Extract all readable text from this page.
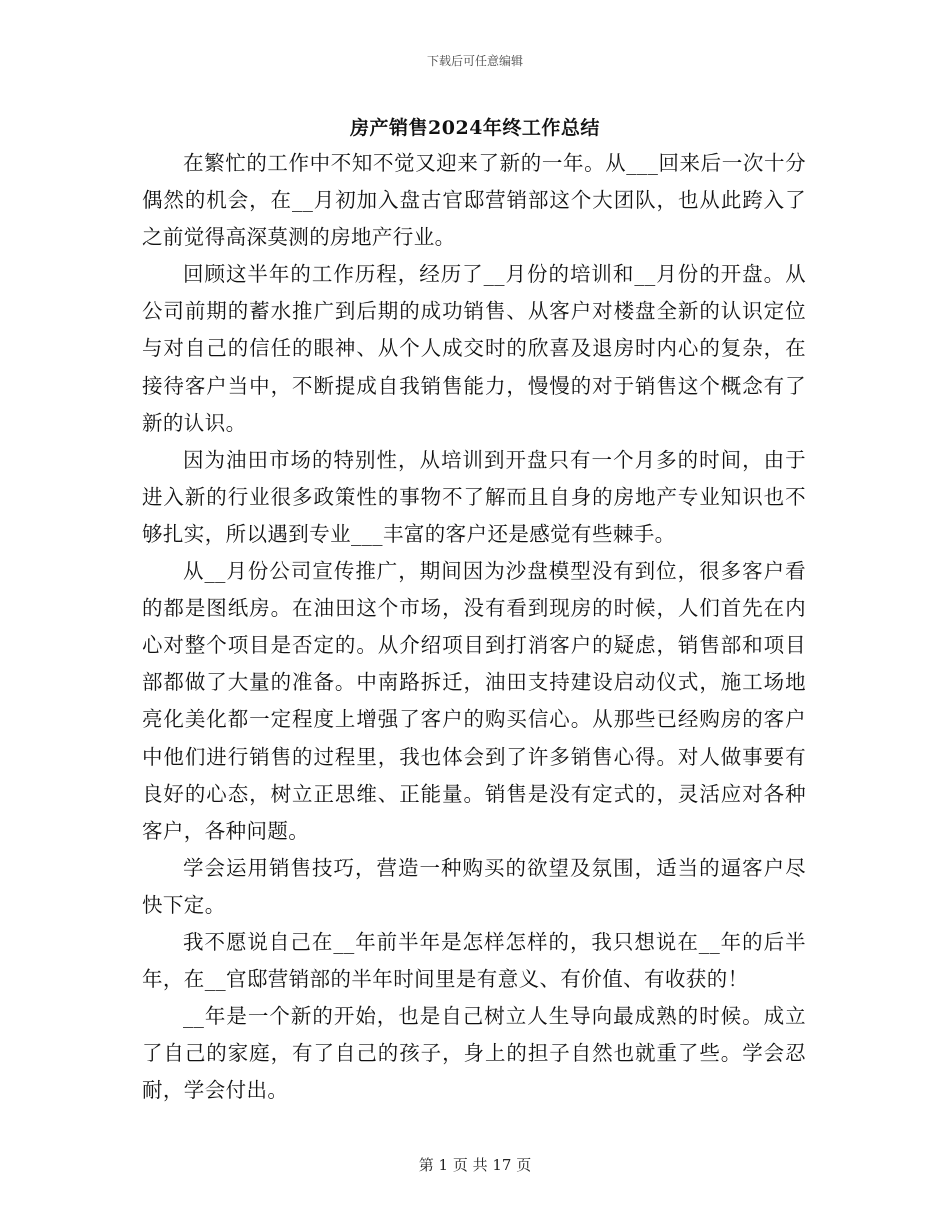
下载后可任意编辑
房产销售2024年终工作总结

在繁忙的工作中不知不觉又迎来了新的一年。从___回来后一次十分偶然的机会，在__月初加入盘古官邸营销部这个大团队，也从此跨入了之前觉得高深莫测的房地产行业。

回顾这半年的工作历程，经历了__月份的培训和__月份的开盘。从公司前期的蓄水推广到后期的成功销售、从客户对楼盘全新的认识定位与对自己的信任的眼神、从个人成交时的欣喜及退房时内心的复杂，在接待客户当中，不断提成自我销售能力，慢慢的对于销售这个概念有了新的认识。

因为油田市场的特别性，从培训到开盘只有一个月多的时间，由于进入新的行业很多政策性的事物不了解而且自身的房地产专业知识也不够扎实，所以遇到专业___丰富的客户还是感觉有些棘手。

从__月份公司宣传推广，期间因为沙盘模型没有到位，很多客户看的都是图纸房。在油田这个市场，没有看到现房的时候，人们首先在内心对整个项目是否定的。从介绍项目到打消客户的疑虑，销售部和项目部都做了大量的准备。中南路拆迁，油田支持建设启动仪式，施工场地亮化美化都一定程度上增强了客户的购买信心。从那些已经购房的客户中他们进行销售的过程里，我也体会到了许多销售心得。对人做事要有良好的心态，树立正思维、正能量。销售是没有定式的，灵活应对各种客户，各种问题。

学会运用销售技巧，营造一种购买的欲望及氛围，适当的逼客户尽快下定。

我不愿说自己在__年前半年是怎样怎样的，我只想说在__年的后半年，在__官邸营销部的半年时间里是有意义、有价值、有收获的！

__年是一个新的开始，也是自己树立人生导向最成熟的时候。成立了自己的家庭，有了自己的孩子，身上的担子自然也就重了些。学会忍耐，学会付出。

第 1 页 共 17 页
